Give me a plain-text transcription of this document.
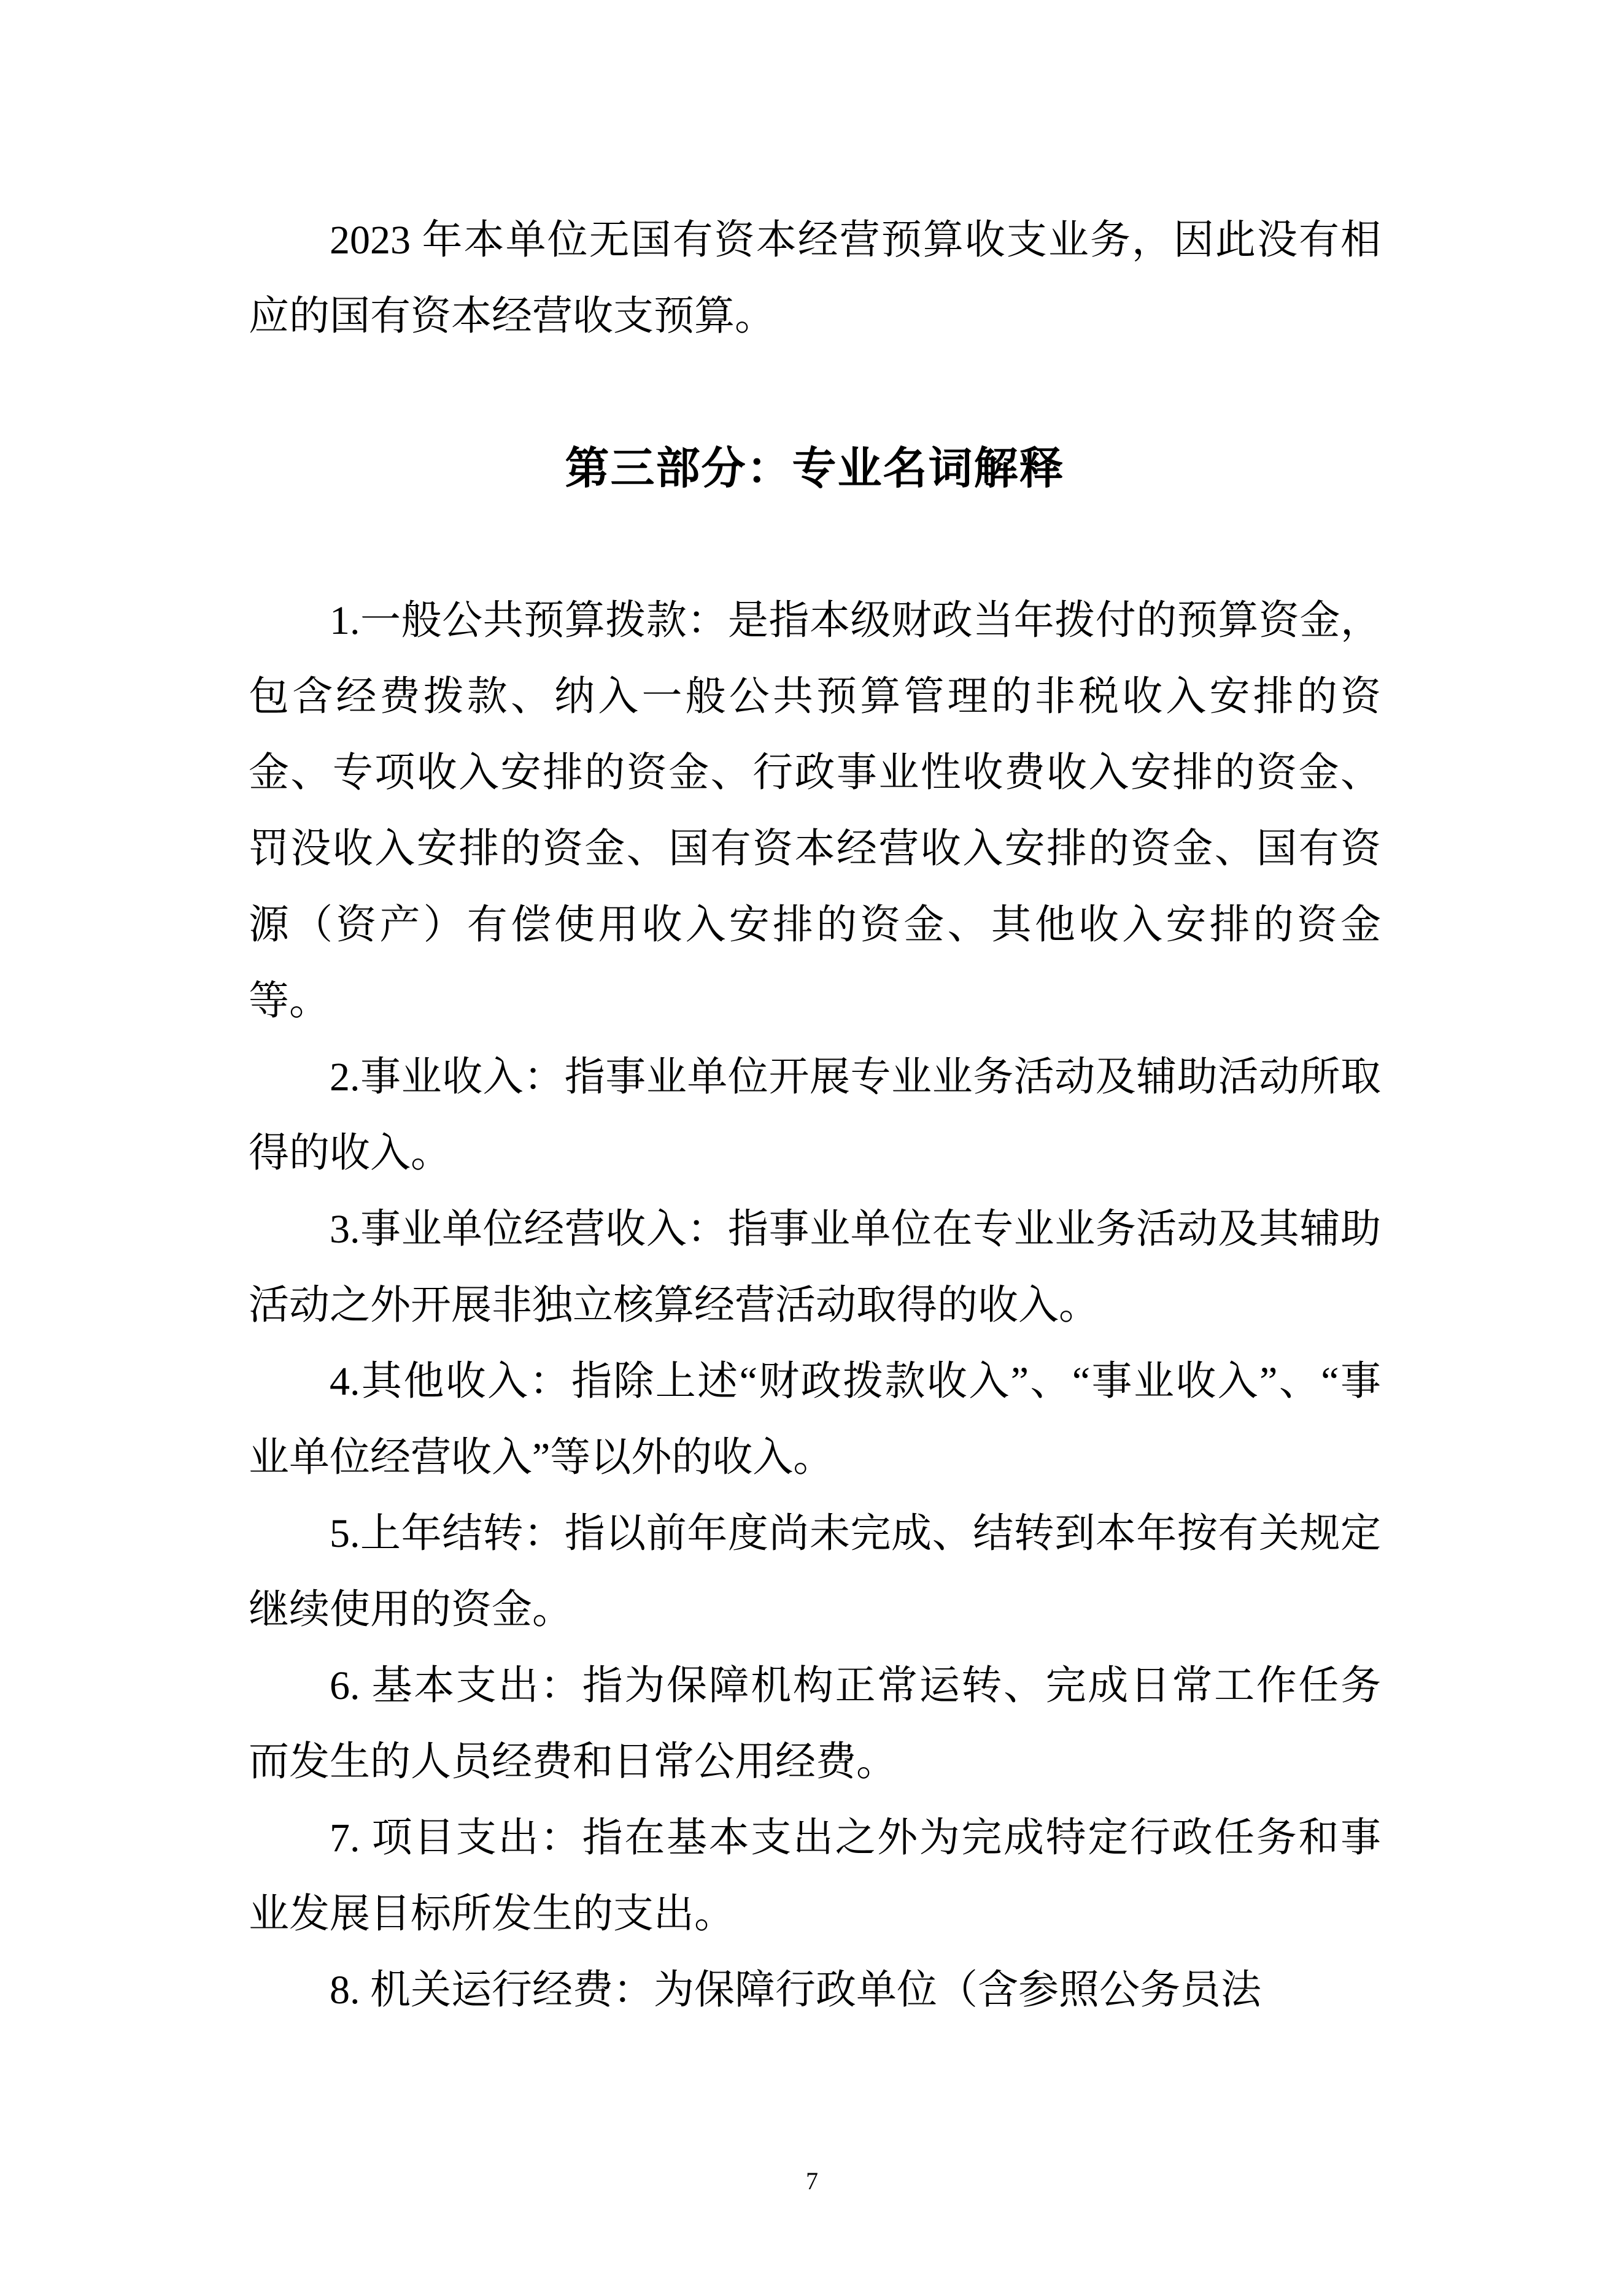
2023 年本单位无国有资本经营预算收支业务，因此没有相应的国有资本经营收支预算。

第三部分：专业名词解释

1.一般公共预算拨款：是指本级财政当年拨付的预算资金，包含经费拨款、纳入一般公共预算管理的非税收入安排的资金、专项收入安排的资金、行政事业性收费收入安排的资金、罚没收入安排的资金、国有资本经营收入安排的资金、国有资源（资产）有偿使用收入安排的资金、其他收入安排的资金等。

2.事业收入：指事业单位开展专业业务活动及辅助活动所取得的收入。

3.事业单位经营收入：指事业单位在专业业务活动及其辅助 活动之外开展非独立核算经营活动取得的收入。

4.其他收入：指除上述“财政拨款收入”、“事业收入”、“事业单位经营收入”等以外的收入。

5.上年结转：指以前年度尚未完成、结转到本年按有关规定继续使用的资金。

6. 基本支出：指为保障机构正常运转、完成日常工作任务而发生的人员经费和日常公用经费。

7. 项目支出：指在基本支出之外为完成特定行政任务和事业发展目标所发生的支出。

8. 机关运行经费：为保障行政单位（含参照公务员法

7
